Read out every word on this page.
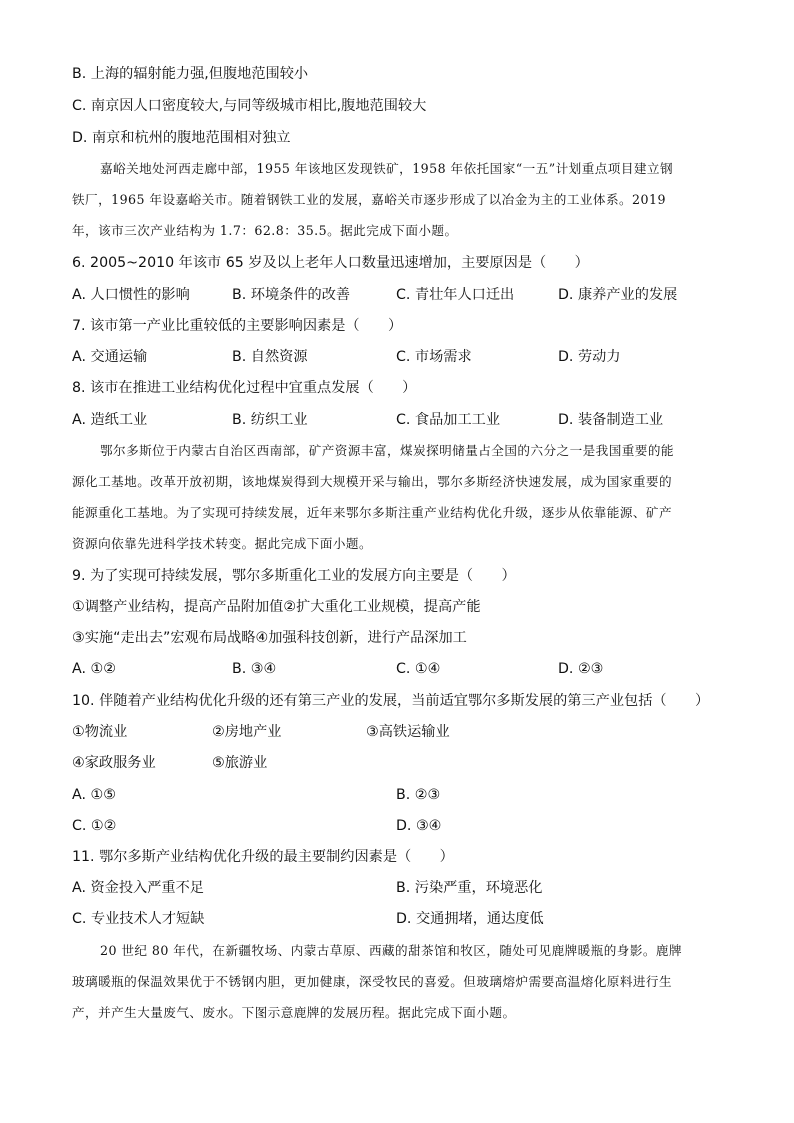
B. 上海的辐射能力强,但腹地范围较小
C. 南京因人口密度较大,与同等级城市相比,腹地范围较大
D. 南京和杭州的腹地范围相对独立
嘉峪关地处河西走廊中部，1955 年该地区发现铁矿，1958 年依托国家“一五”计划重点项目建立钢
铁厂，1965 年设嘉峪关市。随着钢铁工业的发展，嘉峪关市逐步形成了以冶金为主的工业体系。2019
年，该市三次产业结构为 1.7：62.8：35.5。据此完成下面小题。
6. 2005~2010 年该市 65 岁及以上老年人口数量迅速增加，主要原因是（　　）
A. 人口惯性的影响	B. 环境条件的改善	C. 青壮年人口迁出	D. 康养产业的发展
7. 该市第一产业比重较低的主要影响因素是（　　）
A. 交通运输	B. 自然资源	C. 市场需求	D. 劳动力
8. 该市在推进工业结构优化过程中宜重点发展（　　）
A. 造纸工业	B. 纺织工业	C. 食品加工工业	D. 装备制造工业
鄂尔多斯位于内蒙古自治区西南部，矿产资源丰富，煤炭探明储量占全国的六分之一是我国重要的能
源化工基地。改革开放初期，该地煤炭得到大规模开采与输出，鄂尔多斯经济快速发展，成为国家重要的
能源重化工基地。为了实现可持续发展，近年来鄂尔多斯注重产业结构优化升级，逐步从依靠能源、矿产
资源向依靠先进科学技术转变。据此完成下面小题。
9. 为了实现可持续发展，鄂尔多斯重化工业的发展方向主要是（　　）
①调整产业结构，提高产品附加值②扩大重化工业规模，提高产能
③实施“走出去”宏观布局战略④加强科技创新，进行产品深加工
A. ①②	B. ③④	C. ①④	D. ②③
10. 伴随着产业结构优化升级的还有第三产业的发展，当前适宜鄂尔多斯发展的第三产业包括（　　）
①物流业	②房地产业	③高铁运输业
④家政服务业	⑤旅游业
A. ①⑤	B. ②③
C. ①②	D. ③④
11. 鄂尔多斯产业结构优化升级的最主要制约因素是（　　）
A. 资金投入严重不足	B. 污染严重，环境恶化
C. 专业技术人才短缺	D. 交通拥堵，通达度低
20 世纪 80 年代，在新疆牧场、内蒙古草原、西藏的甜茶馆和牧区，随处可见鹿牌暖瓶的身影。鹿牌
玻璃暖瓶的保温效果优于不锈钢内胆，更加健康，深受牧民的喜爱。但玻璃熔炉需要高温熔化原料进行生
产，并产生大量废气、废水。下图示意鹿牌的发展历程。据此完成下面小题。
